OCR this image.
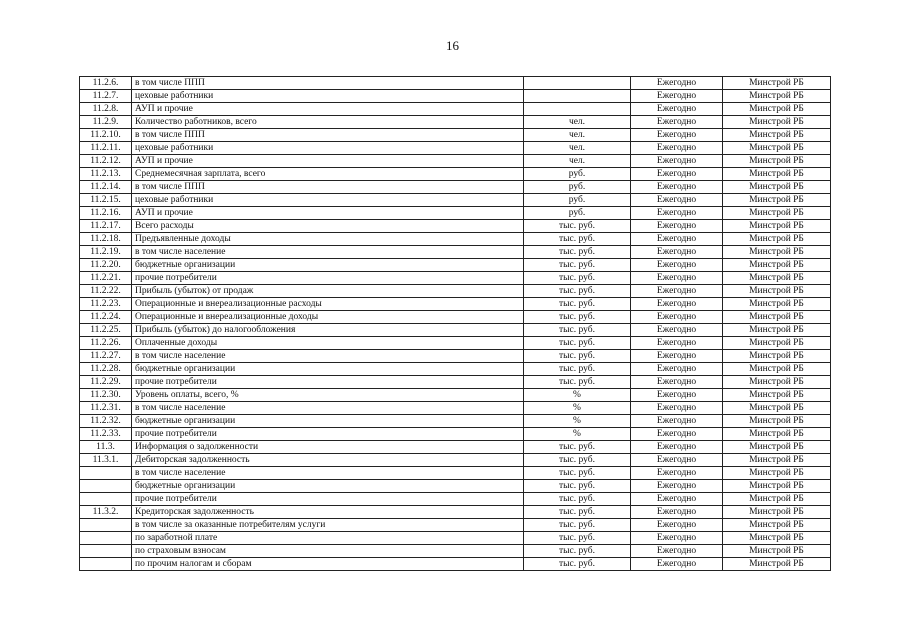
16
11.2.6.	в том числе ППП		Ежегодно	Минстрой РБ
11.2.7.	цеховые работники		Ежегодно	Минстрой РБ
11.2.8.	АУП и прочие		Ежегодно	Минстрой РБ
11.2.9.	Количество работников, всего	чел.	Ежегодно	Минстрой РБ
11.2.10.	в том числе ППП	чел.	Ежегодно	Минстрой РБ
11.2.11.	цеховые работники	чел.	Ежегодно	Минстрой РБ
11.2.12.	АУП и прочие	чел.	Ежегодно	Минстрой РБ
11.2.13.	Среднемесячная зарплата, всего	руб.	Ежегодно	Минстрой РБ
11.2.14.	в том числе ППП	руб.	Ежегодно	Минстрой РБ
11.2.15.	цеховые работники	руб.	Ежегодно	Минстрой РБ
11.2.16.	АУП и прочие	руб.	Ежегодно	Минстрой РБ
11.2.17.	Всего расходы	тыс. руб.	Ежегодно	Минстрой РБ
11.2.18.	Предъявленные доходы	тыс. руб.	Ежегодно	Минстрой РБ
11.2.19.	в том числе население	тыс. руб.	Ежегодно	Минстрой РБ
11.2.20.	бюджетные организации	тыс. руб.	Ежегодно	Минстрой РБ
11.2.21.	прочие потребители	тыс. руб.	Ежегодно	Минстрой РБ
11.2.22.	Прибыль (убыток) от продаж	тыс. руб.	Ежегодно	Минстрой РБ
11.2.23.	Операционные и внереализационные расходы	тыс. руб.	Ежегодно	Минстрой РБ
11.2.24.	Операционные и внереализационные доходы	тыс. руб.	Ежегодно	Минстрой РБ
11.2.25.	Прибыль (убыток) до налогообложения	тыс. руб.	Ежегодно	Минстрой РБ
11.2.26.	Оплаченные доходы	тыс. руб.	Ежегодно	Минстрой РБ
11.2.27.	в том числе население	тыс. руб.	Ежегодно	Минстрой РБ
11.2.28.	бюджетные организации	тыс. руб.	Ежегодно	Минстрой РБ
11.2.29.	прочие потребители	тыс. руб.	Ежегодно	Минстрой РБ
11.2.30.	Уровень оплаты, всего, %	%	Ежегодно	Минстрой РБ
11.2.31.	в том числе население	%	Ежегодно	Минстрой РБ
11.2.32.	бюджетные организации	%	Ежегодно	Минстрой РБ
11.2.33.	прочие потребители	%	Ежегодно	Минстрой РБ
11.3.	Информация о задолженности	тыс. руб.	Ежегодно	Минстрой РБ
11.3.1.	Дебиторская задолженность	тыс. руб.	Ежегодно	Минстрой РБ
	в том числе население	тыс. руб.	Ежегодно	Минстрой РБ
	бюджетные организации	тыс. руб.	Ежегодно	Минстрой РБ
	прочие потребители	тыс. руб.	Ежегодно	Минстрой РБ
11.3.2.	Кредиторская задолженность	тыс. руб.	Ежегодно	Минстрой РБ
	в том числе за оказанные потребителям услуги	тыс. руб.	Ежегодно	Минстрой РБ
	по заработной плате	тыс. руб.	Ежегодно	Минстрой РБ
	по страховым взносам	тыс. руб.	Ежегодно	Минстрой РБ
	по прочим налогам и сборам	тыс. руб.	Ежегодно	Минстрой РБ
